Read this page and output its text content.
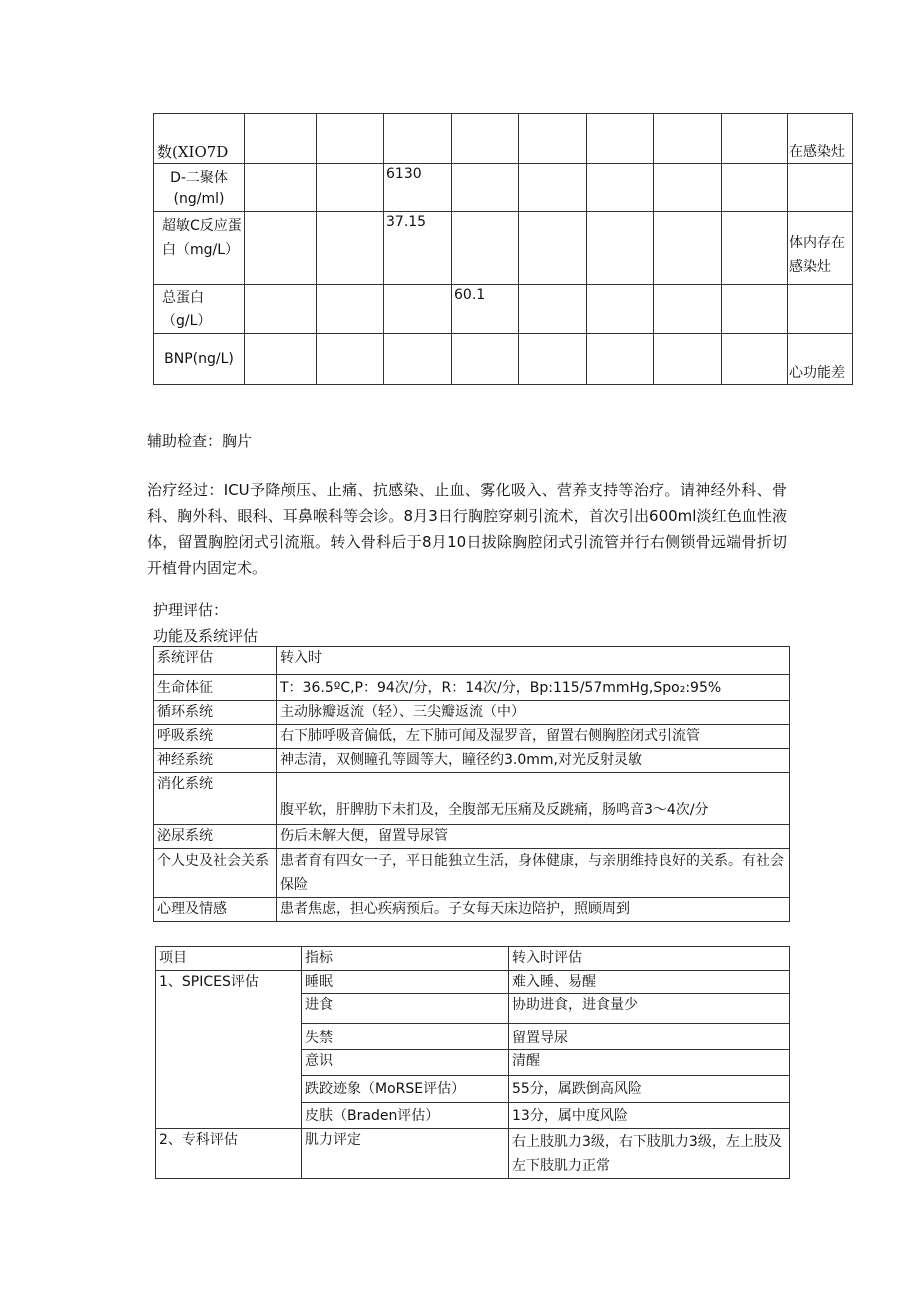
数(XIO7D									在感染灶
D-二聚体(ng/ml)			6130						
超敏C反应蛋白（mg/L）			37.15						体内存在感染灶
总蛋白（g/L）				60.1					
BNP(ng/L)									心功能差
辅助检查：胸片
治疗经过：ICU予降颅压、止痛、抗感染、止血、雾化吸入、营养支持等治疗。请神经外科、骨科、胸外科、眼科、耳鼻喉科等会诊。8月3日行胸腔穿刺引流术，首次引出600ml淡红色血性液体，留置胸腔闭式引流瓶。转入骨科后于8月10日拔除胸腔闭式引流管并行右侧锁骨远端骨折切开植骨内固定术。
护理评估：
功能及系统评估
系统评估	转入时
生命体征	T：36.5ºC,P：94次/分，R：14次/分，Bp:115/57mmHg,Spo₂:95%
循环系统	主动脉瓣返流（轻）、三尖瓣返流（中）
呼吸系统	右下肺呼吸音偏低，左下肺可闻及湿罗音，留置右侧胸腔闭式引流管
神经系统	神志清，双侧瞳孔等圆等大，瞳径约3.0mm,对光反射灵敏
消化系统	腹平软，肝脾肋下未扪及，全腹部无压痛及反跳痛，肠鸣音3～4次/分
泌尿系统	伤后未解大便，留置导尿管
个人史及社会关系	患者育有四女一子，平日能独立生活，身体健康，与亲朋维持良好的关系。有社会保险
心理及情感	患者焦虑，担心疾病预后。子女每天床边陪护，照顾周到
项目	指标	转入时评估
1、SPICES评估	睡眠	难入睡、易醒
	进食	协助进食，进食量少
	失禁	留置导尿
	意识	清醒
	跌跤迹象（MoRSE评估）	55分，属跌倒高风险
	皮肤（Braden评估）	13分，属中度风险
2、专科评估	肌力评定	右上肢肌力3级，右下肢肌力3级，左上肢及左下肢肌力正常
